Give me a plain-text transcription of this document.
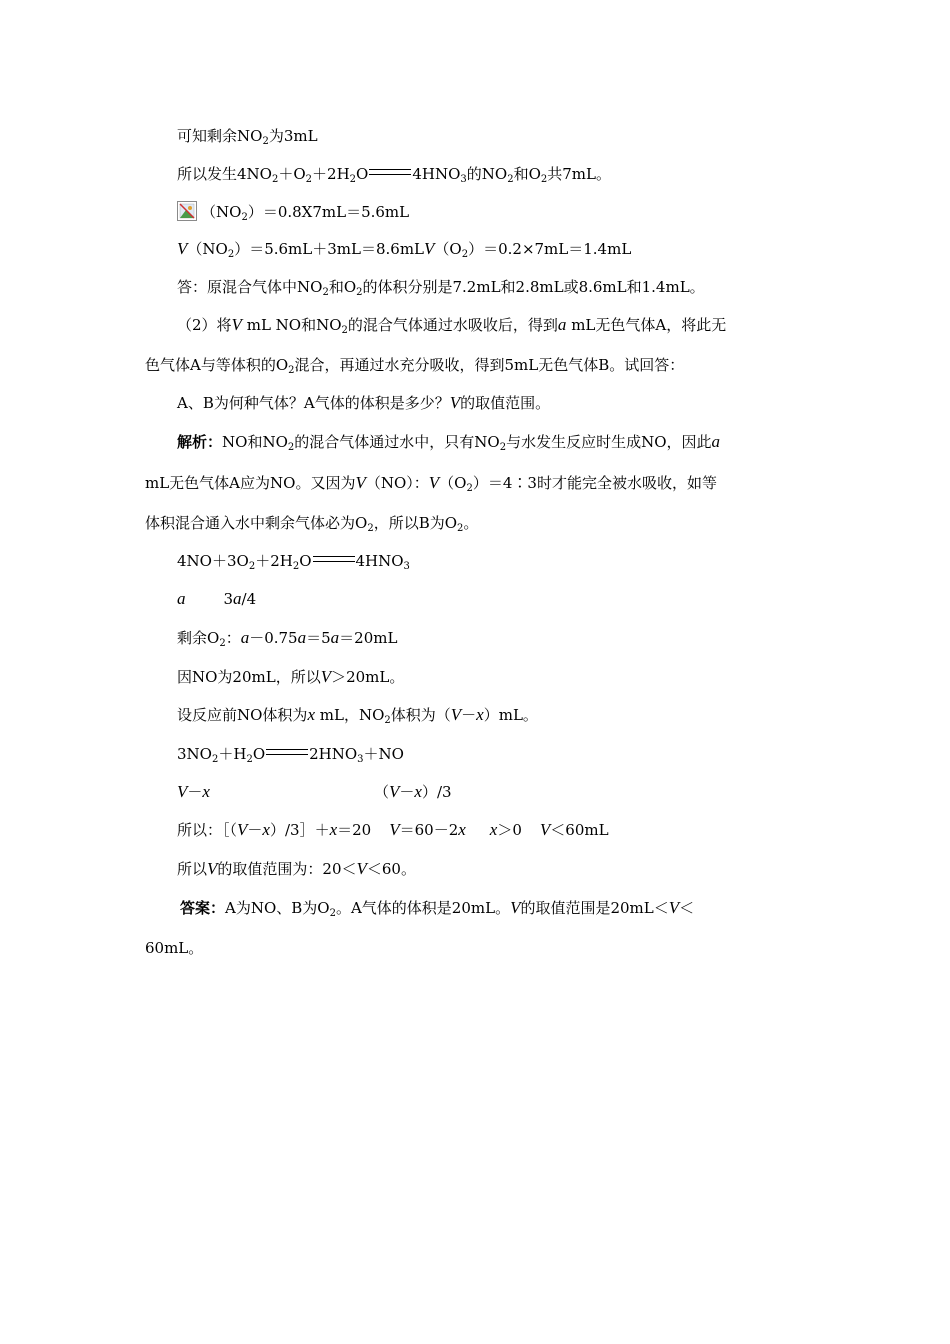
可知剩余$NO_2$为3mL
所以发生$4NO_2+O_2+2H_2O$	$4HNO_3$的$NO_2$和$O_2$共7mL。
$(NO_2)=0.8X7mL=5.6mL$
$V(NO_2)=5.6mL+3mL=8.6mLV(O_2)=0.2\times 7mL=1.4mL$
答：原混合气体中$NO_2$和$O_2$的体积分别是7.2mL和2.8mL或8.6mL和1.4mL。
（2）将V mL NO和$NO_2$的混合气体通过水吸收后，得到a mL无色气体A，将此无
色气体A与等体积的$O_2$混合，再通过水充分吸收，得到5mL无色气体B。试回答：
A、B为何种气体？A气体的体积是多少？V的取值范围。
解析：NO和$NO_2$的混合气体通过水中，只有$NO_2$与水发生反应时生成NO，因此a
mL无色气体A应为NO。又因为V（NO）：$V(O_2)=4∶3$时才能完全被水吸收，如等
体积混合通入水中剩余气体必为$O_2$，所以B为$O_2$。
$4NO+3O_2+2H_2O$	$4HNO_3$
a	3a/4
剩余$O_2$：a－0.75a＝5a＝20mL
因NO为20mL，所以V＞20mL。
设反应前NO体积为x mL，$NO_2$体积为（V－x）mL。
$3NO_2+H_2O$	$2HNO_3+NO$
V－x	（V－x）/3
所以：［（V－x）/3］＋x＝20 V＝60－2x x＞0 V＜60mL
所以V的取值范围为：20＜V＜60。
答案：A为NO、B为$O_2$。A气体的体积是20mL。V的取值范围是20mL＜V＜
60mL。
